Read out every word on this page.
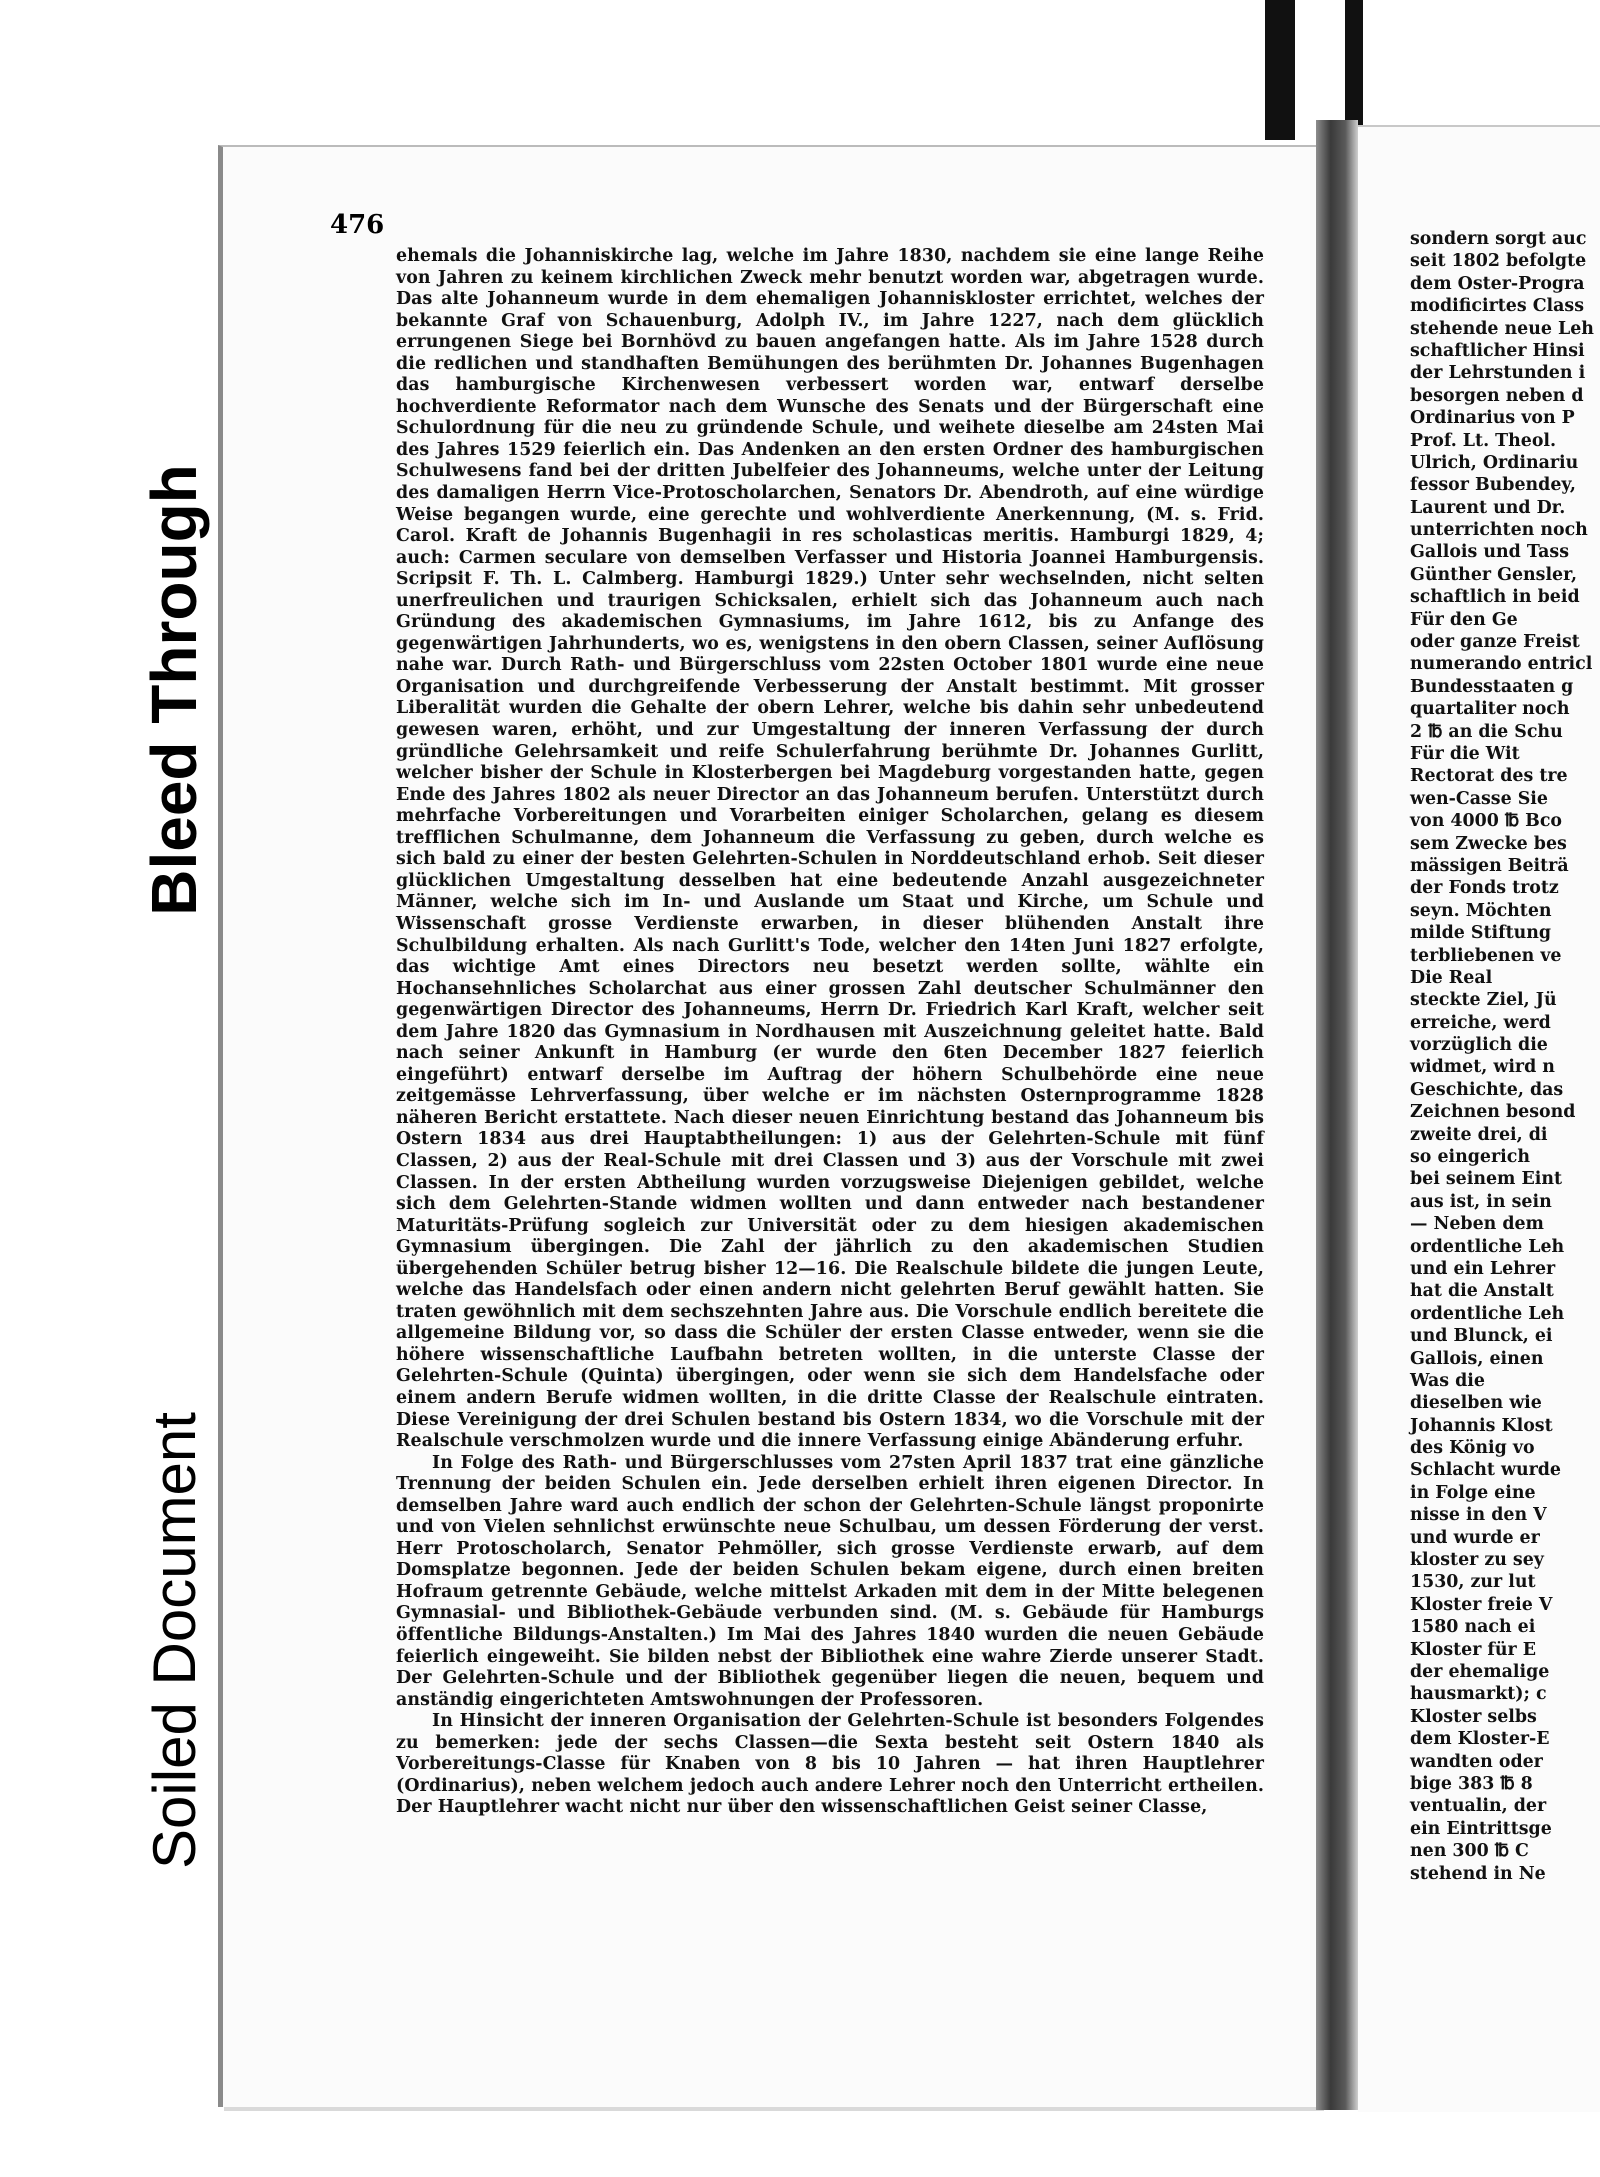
Bleed Through
Soiled Document
476

ehemals die Johanniskirche lag, welche im Jahre 1830, nachdem sie eine lange Reihe von Jahren zu keinem kirchlichen Zweck mehr benutzt worden war, abgetragen wurde. Das alte Johanneum wurde in dem ehemaligen Johanniskloster errichtet, welches der bekannte Graf von Schauenburg, Adolph IV., im Jahre 1227, nach dem glücklich errungenen Siege bei Bornhövd zu bauen angefangen hatte. Als im Jahre 1528 durch die redlichen und standhaften Bemühungen des berühmten Dr. Johannes Bugenhagen das hamburgische Kirchenwesen verbessert worden war, entwarf derselbe hochverdiente Reformator nach dem Wunsche des Senats und der Bürgerschaft eine Schulordnung für die neu zu gründende Schule, und weihete dieselbe am 24sten Mai des Jahres 1529 feierlich ein. Das Andenken an den ersten Ordner des hamburgischen Schulwesens fand bei der dritten Jubelfeier des Johanneums, welche unter der Leitung des damaligen Herrn Vice-Protoscholarchen, Senators Dr. Abendroth, auf eine würdige Weise begangen wurde, eine gerechte und wohlverdiente Anerkennung, (M. s. Frid. Carol. Kraft de Johannis Bugenhagii in res scholasticas meritis. Hamburgi 1829, 4; auch: Carmen seculare von demselben Verfasser und Historia Joannei Hamburgensis. Scripsit F. Th. L. Calmberg. Hamburgi 1829.) Unter sehr wechselnden, nicht selten unerfreulichen und traurigen Schicksalen, erhielt sich das Johanneum auch nach Gründung des akademischen Gymnasiums, im Jahre 1612, bis zu Anfange des gegenwärtigen Jahrhunderts, wo es, wenigstens in den obern Classen, seiner Auflösung nahe war. Durch Rath- und Bürgerschluss vom 22sten October 1801 wurde eine neue Organisation und durchgreifende Verbesserung der Anstalt bestimmt. Mit grosser Liberalität wurden die Gehalte der obern Lehrer, welche bis dahin sehr unbedeutend gewesen waren, erhöht, und zur Umgestaltung der inneren Verfassung der durch gründliche Gelehrsamkeit und reife Schulerfahrung berühmte Dr. Johannes Gurlitt, welcher bisher der Schule in Klosterbergen bei Magdeburg vorgestanden hatte, gegen Ende des Jahres 1802 als neuer Director an das Johanneum berufen. Unterstützt durch mehrfache Vorbereitungen und Vorarbeiten einiger Scholarchen, gelang es diesem trefflichen Schulmanne, dem Johanneum die Verfassung zu geben, durch welche es sich bald zu einer der besten Gelehrten-Schulen in Norddeutschland erhob. Seit dieser glücklichen Umgestaltung desselben hat eine bedeutende Anzahl ausgezeichneter Männer, welche sich im In- und Auslande um Staat und Kirche, um Schule und Wissenschaft grosse Verdienste erwarben, in dieser blühenden Anstalt ihre Schulbildung erhalten. Als nach Gurlitt's Tode, welcher den 14ten Juni 1827 erfolgte, das wichtige Amt eines Directors neu besetzt werden sollte, wählte ein Hochansehnliches Scholarchat aus einer grossen Zahl deutscher Schulmänner den gegenwärtigen Director des Johanneums, Herrn Dr. Friedrich Karl Kraft, welcher seit dem Jahre 1820 das Gymnasium in Nordhausen mit Auszeichnung geleitet hatte. Bald nach seiner Ankunft in Hamburg (er wurde den 6ten December 1827 feierlich eingeführt) entwarf derselbe im Auftrag der höhern Schulbehörde eine neue zeitgemässe Lehrverfassung, über welche er im nächsten Osternprogramme 1828 näheren Bericht erstattete. Nach dieser neuen Einrichtung bestand das Johanneum bis Ostern 1834 aus drei Hauptabtheilungen: 1) aus der Gelehrten-Schule mit fünf Classen, 2) aus der Real-Schule mit drei Classen und 3) aus der Vorschule mit zwei Classen. In der ersten Abtheilung wurden vorzugsweise Diejenigen gebildet, welche sich dem Gelehrten-Stande widmen wollten und dann entweder nach bestandener Maturitäts-Prüfung sogleich zur Universität oder zu dem hiesigen akademischen Gymnasium übergingen. Die Zahl der jährlich zu den akademischen Studien übergehenden Schüler betrug bisher 12—16. Die Realschule bildete die jungen Leute, welche das Handelsfach oder einen andern nicht gelehrten Beruf gewählt hatten. Sie traten gewöhnlich mit dem sechszehnten Jahre aus. Die Vorschule endlich bereitete die allgemeine Bildung vor, so dass die Schüler der ersten Classe entweder, wenn sie die höhere wissenschaftliche Laufbahn betreten wollten, in die unterste Classe der Gelehrten-Schule (Quinta) übergingen, oder wenn sie sich dem Handelsfache oder einem andern Berufe widmen wollten, in die dritte Classe der Realschule eintraten. Diese Vereinigung der drei Schulen bestand bis Ostern 1834, wo die Vorschule mit der Realschule verschmolzen wurde und die innere Verfassung einige Abänderung erfuhr.

In Folge des Rath- und Bürgerschlusses vom 27sten April 1837 trat eine gänzliche Trennung der beiden Schulen ein. Jede derselben erhielt ihren eigenen Director. In demselben Jahre ward auch endlich der schon der Gelehrten-Schule längst proponirte und von Vielen sehnlichst erwünschte neue Schulbau, um dessen Förderung der verst. Herr Protoscholarch, Senator Pehmöller, sich grosse Verdienste erwarb, auf dem Domsplatze begonnen. Jede der beiden Schulen bekam eigene, durch einen breiten Hofraum getrennte Gebäude, welche mittelst Arkaden mit dem in der Mitte belegenen Gymnasial- und Bibliothek-Gebäude verbunden sind. (M. s. Gebäude für Hamburgs öffentliche Bildungs-Anstalten.) Im Mai des Jahres 1840 wurden die neuen Gebäude feierlich eingeweiht. Sie bilden nebst der Bibliothek eine wahre Zierde unserer Stadt. Der Gelehrten-Schule und der Bibliothek gegenüber liegen die neuen, bequem und anständig eingerichteten Amtswohnungen der Professoren.

In Hinsicht der inneren Organisation der Gelehrten-Schule ist besonders Folgendes zu bemerken: jede der sechs Classen—die Sexta besteht seit Ostern 1840 als Vorbereitungs-Classe für Knaben von 8 bis 10 Jahren — hat ihren Hauptlehrer (Ordinarius), neben welchem jedoch auch andere Lehrer noch den Unterricht ertheilen. Der Hauptlehrer wacht nicht nur über den wissenschaftlichen Geist seiner Classe,

sondern sorgt auc
seit 1802 befolgte
dem Oster-Progra
modificirtes Class
stehende neue Leh
schaftlicher Hinsi
der Lehrstunden i
besorgen neben d
Ordinarius von P
Prof. Lt. Theol.
Ulrich, Ordinariu
fessor Bubendey,
Laurent und Dr.
unterrichten noch
Gallois und Tass
Günther Gensler,
schaftlich in beid
Für den Ge
oder ganze Freist
numerando entricl
Bundesstaaten g
quartaliter noch
2 ℔ an die Schu
Für die Wit
Rectorat des tre
wen-Casse Sie
von 4000 ℔ Bco
sem Zwecke bes
mässigen Beiträ
der Fonds trotz
seyn. Möchten
milde Stiftung
terbliebenen ve
Die Real
steckte Ziel, Jü
erreiche, werd
vorzüglich die
widmet, wird n
Geschichte, das
Zeichnen besond
zweite drei, di
so eingerich
bei seinem Eint
aus ist, in sein
— Neben dem
ordentliche Leh
und ein Lehrer
hat die Anstalt
ordentliche Leh
und Blunck, ei
Gallois, einen
Was die
dieselben wie
Johannis Klost
des König vo
Schlacht wurde
in Folge eine
nisse in den V
und wurde er
kloster zu sey
1530, zur lut
Kloster freie V
1580 nach ei
Kloster für E
der ehemalige
hausmarkt); c
Kloster selbs
dem Kloster-E
wandten oder
bige 383 ℔ 8
ventualin, der
ein Eintrittsge
nen 300 ℔ C
stehend in Ne
